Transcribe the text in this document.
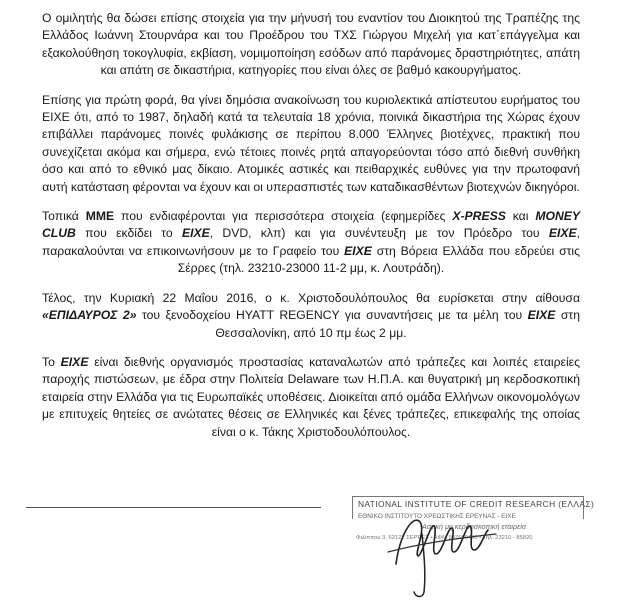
Ο ομιλητής θα δώσει επίσης στοιχεία για την μήνυσή του εναντίον του Διοικητού της Τραπέζης της Ελλάδος Ιωάννη Στουρνάρα και του Προέδρου του ΤΧΣ Γιώργου Μιχελή για κατ΄επάγγελμα και εξακολούθηση τοκογλυφία, εκβίαση, νομιμοποίηση εσόδων από παράνομες δραστηριότητες, απάτη και απάτη σε δικαστήρια, κατηγορίες που είναι όλες σε βαθμό κακουργήματος.

Επίσης για πρώτη φορά, θα γίνει δημόσια ανακοίνωση του κυριολεκτικά απίστευτου ευρήματος του ΕΙΧΕ ότι, από το 1987, δηλαδή κατά τα τελευταία 18 χρόνια, ποινικά δικαστήρια της Χώρας έχουν επιβάλλει παράνομες ποινές φυλάκισης σε περίπου 8.000 Έλληνες βιοτέχνες, πρακτική που συνεχίζεται ακόμα και σήμερα, ενώ τέτοιες ποινές ρητά απαγορεύονται τόσο από διεθνή συνθήκη όσο και από το εθνικό μας δίκαιο. Ατομικές αστικές και πειθαρχικές ευθύνες για την πρωτοφανή αυτή κατάσταση φέρονται να έχουν και οι υπερασπιστές των καταδικασθέντων βιοτεχνών δικηγόροι.

Τοπικά ΜΜΕ που ενδιαφέρονται για περισσότερα στοιχεία (εφημερίδες X-PRESS και MONEY CLUB που εκδίδει το ΕΙΧΕ, DVD, κλπ) και για συνέντευξη με τον Πρόεδρο του ΕΙΧΕ, παρακαλούνται να επικοινωνήσουν με το Γραφείο του ΕΙΧΕ στη Βόρεια Ελλάδα που εδρεύει στις Σέρρες (τηλ. 23210-23000 11-2 μμ, κ. Λουτράδη).

Τέλος, την Κυριακή 22 Μαΐου 2016, ο κ. Χριστοδουλόπουλος θα ευρίσκεται στην αίθουσα «ΕΠΙΔΑΥΡΟΣ 2» του ξενοδοχείου HYATT REGENCY για συναντήσεις με τα μέλη του ΕΙΧΕ στη Θεσσαλονίκη, από 10 πμ έως 2 μμ.

Το ΕΙΧΕ είναι διεθνής οργανισμός προστασίας καταναλωτών από τράπεζες και λοιπές εταιρείες παροχής πιστώσεων, με έδρα στην Πολιτεία Delaware των Η.Π.Α. και θυγατρική μη κερδοσκοπική εταιρεία στην Ελλάδα για τις Ευρωπαϊκές υποθέσεις. Διοικείται από ομάδα Ελλήνων οικονομολόγων με επιτυχείς θητείες σε ανώτατες θέσεις σε Ελληνικές και ξένες τράπεζες, επικεφαλής της οποίας είναι ο κ. Τάκης Χριστοδουλόπουλος.

NATIONAL INSTITUTE OF CREDIT RESEARCH (ΕΛΛΑΣ)
ΕΘΝΙΚΟ ΙΝΣΤΙΤΟΥΤΟ ΧΡΕΩΣΤΙΚΗΣ ΕΡΕΥΝΑΣ - ΕΙΧΕ
Αστική μη κερδοσκοπική εταιρεία
Φιλίππου 3, 62122 ΣΕΡΡΕΣ • ΑΦΜ 997659450 • Τηλ. 23210 - 85820
